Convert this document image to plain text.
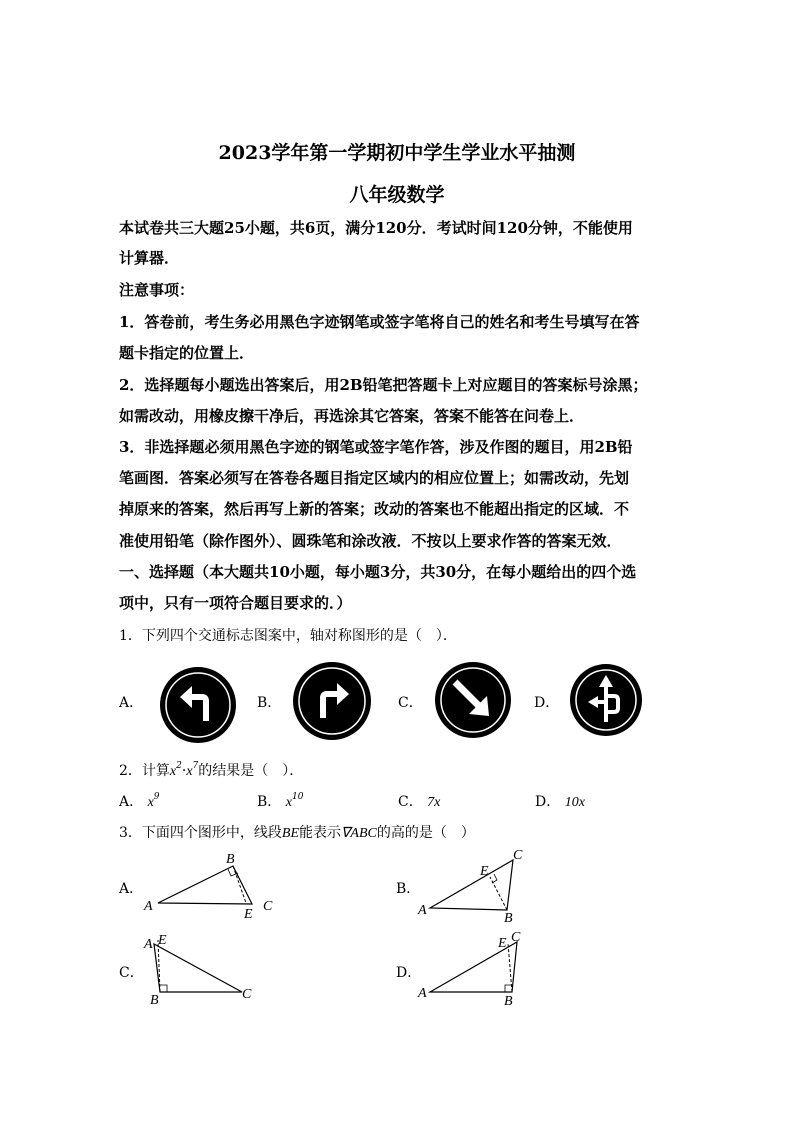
2023学年第一学期初中学生学业水平抽测
八年级数学
本试卷共三大题25小题，共6页，满分120分．考试时间120分钟，不能使用
计算器．
注意事项：
1．答卷前，考生务必用黑色字迹钢笔或签字笔将自己的姓名和考生号填写在答
题卡指定的位置上．
2．选择题每小题选出答案后，用2B铅笔把答题卡上对应题目的答案标号涂黑；
如需改动，用橡皮擦干净后，再选涂其它答案，答案不能答在问卷上．
3．非选择题必须用黑色字迹的钢笔或签字笔作答，涉及作图的题目，用2B铅
笔画图．答案必须写在答卷各题目指定区域内的相应位置上；如需改动，先划
掉原来的答案，然后再写上新的答案；改动的答案也不能超出指定的区域．不
准使用铅笔（除作图外）、圆珠笔和涂改液．不按以上要求作答的答案无效．
一、选择题（本大题共10小题，每小题3分，共30分，在每小题给出的四个选
项中，只有一项符合题目要求的．）
1．下列四个交通标志图案中，轴对称图形的是（　）．
A．	B．	C．	D．
2．计算$x^2\cdot x^7$的结果是（　）．
A． $x^9$	B． $x^{10}$	C． 7x	D． 10x
3．下面四个图形中，线段BE能表示∇ABC的高的是（　）
A．
A
B
C
E
B．
A
B
C
E
C．
A
B	C
E
D．
A
B
C
E
